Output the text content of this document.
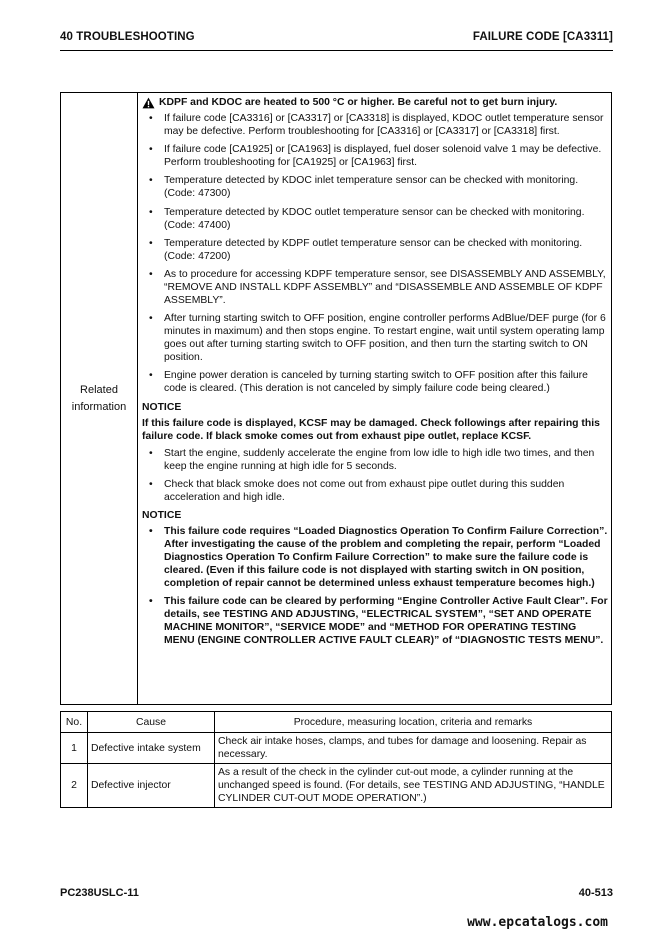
40 TROUBLESHOOTING	FAILURE CODE [CA3311]
Related information
KDPF and KDOC are heated to 500 °C or higher. Be careful not to get burn injury.
• If failure code [CA3316] or [CA3317] or [CA3318] is displayed, KDOC outlet temperature sensor may be defective. Perform troubleshooting for [CA3316] or [CA3317] or [CA3318] first.
• If failure code [CA1925] or [CA1963] is displayed, fuel doser solenoid valve 1 may be defective. Perform troubleshooting for [CA1925] or [CA1963] first.
• Temperature detected by KDOC inlet temperature sensor can be checked with monitoring. (Code: 47300)
• Temperature detected by KDOC outlet temperature sensor can be checked with monitoring. (Code: 47400)
• Temperature detected by KDPF outlet temperature sensor can be checked with monitoring. (Code: 47200)
• As to procedure for accessing KDPF temperature sensor, see DISASSEMBLY AND ASSEMBLY, “REMOVE AND INSTALL KDPF ASSEMBLY” and “DISASSEMBLE AND ASSEMBLE OF KDPF ASSEMBLY”.
• After turning starting switch to OFF position, engine controller performs AdBlue/DEF purge (for 6 minutes in maximum) and then stops engine. To restart engine, wait until system operating lamp goes out after turning starting switch to OFF position, and then turn the starting switch to ON position.
• Engine power deration is canceled by turning starting switch to OFF position after this failure code is cleared. (This deration is not canceled by simply failure code being cleared.)
NOTICE
If this failure code is displayed, KCSF may be damaged. Check followings after repairing this failure code. If black smoke comes out from exhaust pipe outlet, replace KCSF.
• Start the engine, suddenly accelerate the engine from low idle to high idle two times, and then keep the engine running at high idle for 5 seconds.
• Check that black smoke does not come out from exhaust pipe outlet during this sudden acceleration and high idle.
NOTICE
• This failure code requires “Loaded Diagnostics Operation To Confirm Failure Correction”. After investigating the cause of the problem and completing the repair, perform “Loaded Diagnostics Operation To Confirm Failure Correction” to make sure the failure code is cleared. (Even if this failure code is not displayed with starting switch in ON position, completion of repair cannot be determined unless exhaust temperature becomes high.)
• This failure code can be cleared by performing “Engine Controller Active Fault Clear”. For details, see TESTING AND ADJUSTING, “ELECTRICAL SYSTEM”, “SET AND OPERATE MACHINE MONITOR”, “SERVICE MODE” and “METHOD FOR OPERATING TESTING MENU (ENGINE CONTROLLER ACTIVE FAULT CLEAR)” of “DIAGNOSTIC TESTS MENU”.
No.	Cause	Procedure, measuring location, criteria and remarks
1	Defective intake system	Check air intake hoses, clamps, and tubes for damage and loosening. Repair as necessary.
2	Defective injector	As a result of the check in the cylinder cut-out mode, a cylinder running at the unchanged speed is found. (For details, see TESTING AND ADJUSTING, “HANDLE CYLINDER CUT-OUT MODE OPERATION”.)
PC238USLC-11	40-513
www.epcatalogs.com
